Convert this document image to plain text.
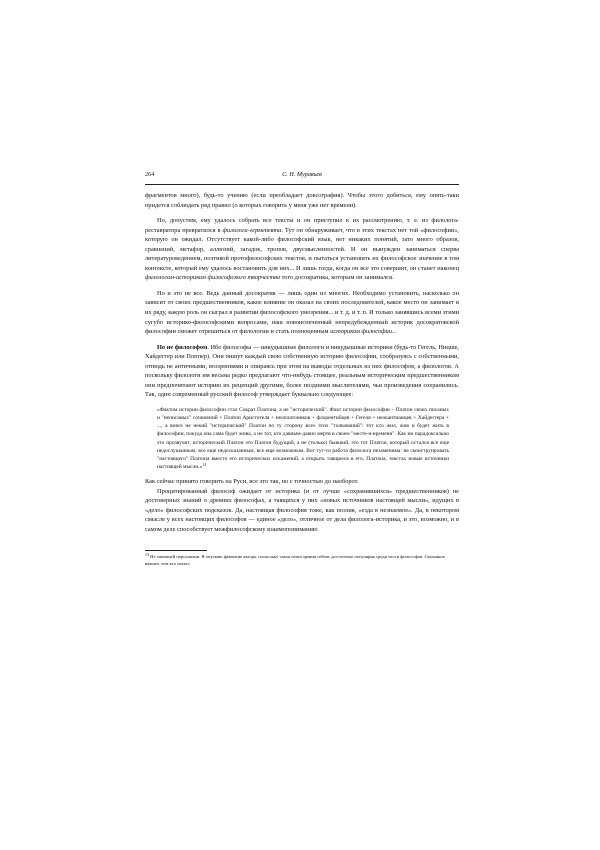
264	С. Н. Муравьев

фрагментов много), будь-то учению (если преобладает доксография). Чтобы этого добиться, ему опять-таки придется соблюдать ряд правил (о которых говорить у меня уже нет времени).

Но, допустим, ему удалось собрать все тексты и он приступил к их рассмотрению, т. е. из филолога-реставратора превратился в филолога-герменевта. Тут он обнаруживает, что в этих текстах нет той «философии», которую он ожидал. Отсутствует какой-либо философский язык, нет никаких понятий, зато много образов, сравнений, метафор, аллюзий, загадок, тропов, двусмысленностей. И он вынужден заниматься сперва литературоведением, поэтикой протофилософских текстов, и пытаться установить их философское значение в том контексте, который ему удалось востановить для них... И лишь тогда, когда он все это совершит, он станет наконец филологом-историком философского творчества того досократика, которым он занимался.

Но и это не все. Ведь данный досократик — лишь один из многих. Необходимо установить, насколько он зависит от своих предшественников, какое влияние он оказал на своих последователей, какое место он занимает в их ряду, какую роль он сыграл в развитии философского умозрения... и т. д. и т. п. И только занявшись всеми этими сугубо историко-философскими вопросами, наш новоиспеченный непредубежденный историк досократовской философии сможет отрешиться от филологии и стать полноценным историком философии...

Но не философом. Ибо философы — никудышные филологи и никудышные историки (будь-то Гегель, Ницше, Хайдеггер или Поппер). Они пишут каждый свою собственную историю философии, сообразуясь с собственными, отнюдь не античными, воззрениями и опираясь при этом на выводы отдельных из них философов, а филологов. А поскольку филологи им весьма редко предлагают что-нибудь стоящее, реальным историческим предшественникам они предпочитают историю их рецепций другими, более поздними мыслителями, чьи произведения сохранились. Так, один современный русский философ утверждает буквально следующее:

«Фактом истории философии стал Сократ Платона, а не "исторический". Факт истории философии – Платон своих писаных и "неписаных" сочинений + Платон Аристотеля + неоплатоников + флорентийцев + Гегеля + неокантианцев + Хайдеггера + ..., а вовсе не некий "исторический" Платон по ту сторону всех этих "толкований": тот кто жил, жив и будет жить в философии, покуда она сама будет жива, а не тот, кто давным-давно мертв в своем "месте-и-времени". Как ни парадоксально это прозвучит, исторический Платон это Платон будущий, а не (только) бывший, это тот Платон, который остался все еще недослушанным, все еще недосказанным, все еще возможным. Вот тут-то работа филолога незаменима: не сконструировать "настоящего" Платона вместо его исторических искажений, а открыть таящиеся в его, Платона, текстах новые источники настоящей мысли.»$^{13}$

Как сейчас принято говорить на Руси, все это так, но с точностью до наоборот.

Процитированный философ ожидает от историка (и от лучше «сохранившихся» предшественников) не достоверных знаний о древних философах, а таящихся у них «новых источников настоящей мысли», идущих в «дело» философских подсказок. Да, настоящая философия тоже, как поэзия, «езда в незнаемое». Да, в некотором смысле у всех настоящих философов — единое «дело», отличное от дела филолога-историка, и это, возможно, и в самом деле способствует межфилософскому взаимопониманию

$^{13}$ Не значащей персоналии. Я опускаю фамилию автора, поскольку такая точка зрения сейчас достаточно популярна среди части философов. Сказанное важнее, чем кто сказал.
